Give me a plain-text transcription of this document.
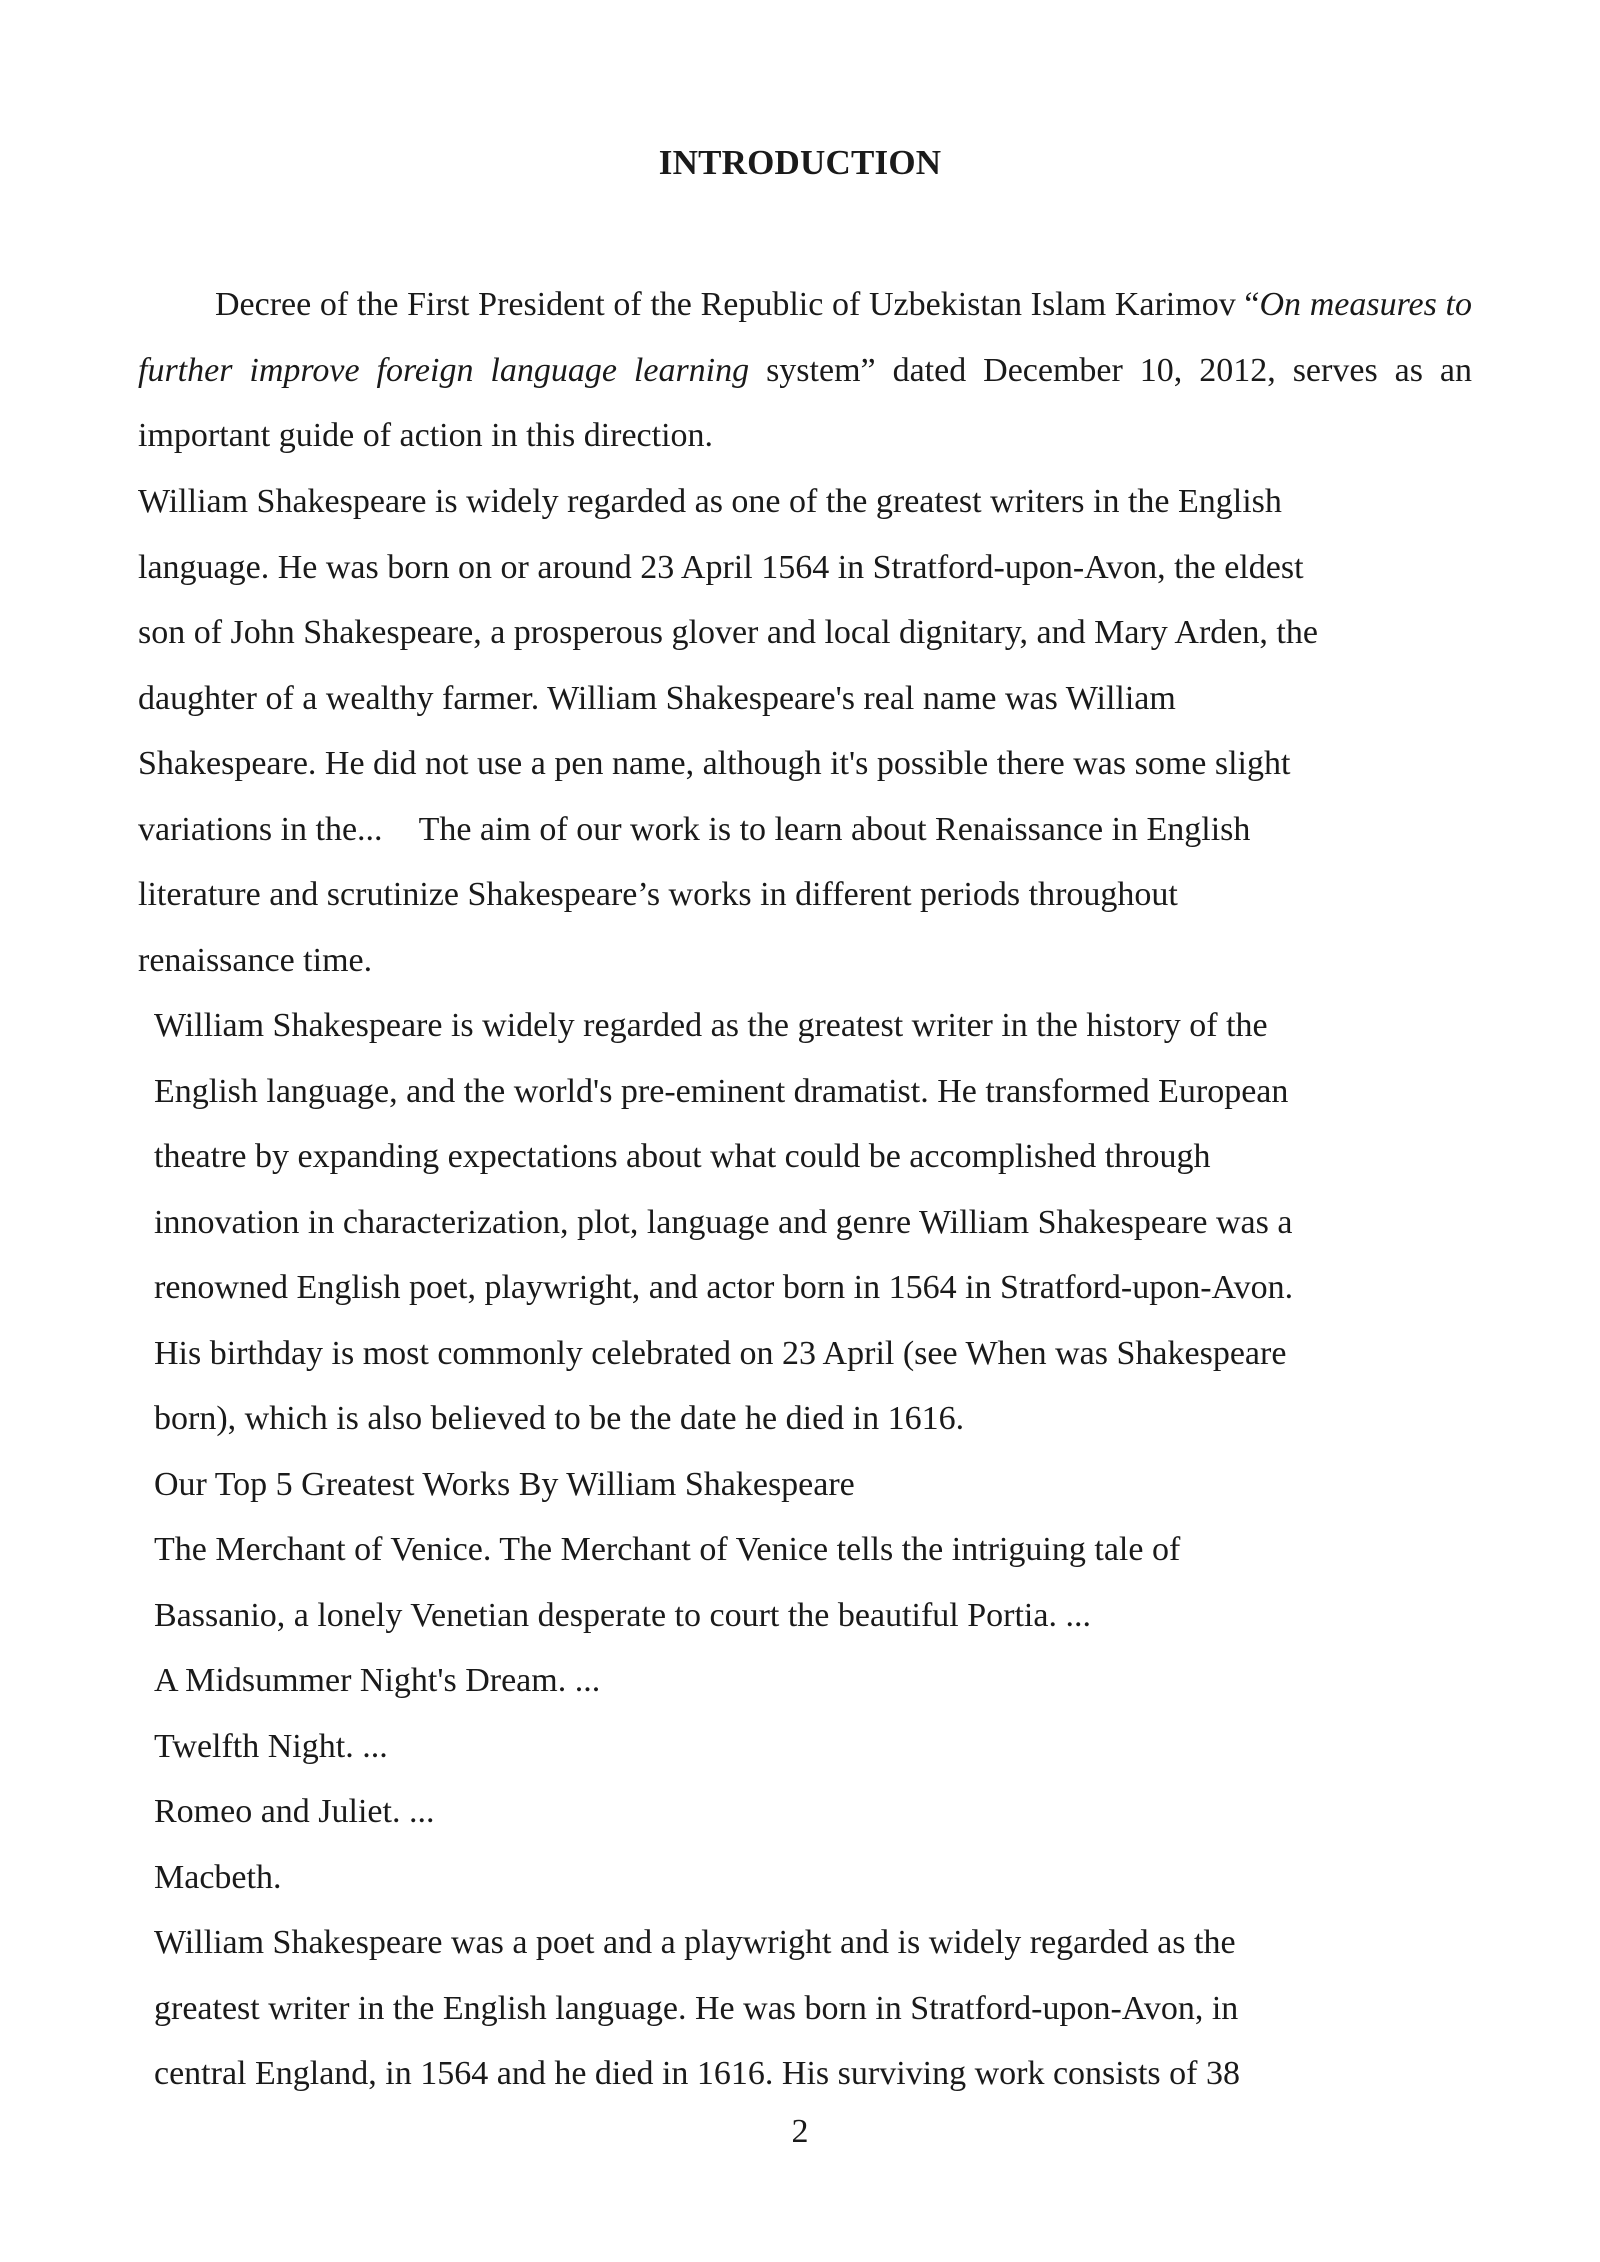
INTRODUCTION

Decree of the First President of the Republic of Uzbekistan Islam Karimov “On measures to further improve foreign language learning system” dated December 10, 2012, serves as an important guide of action in this direction.

William Shakespeare is widely regarded as one of the greatest writers in the English
language. He was born on or around 23 April 1564 in Stratford-upon-Avon, the eldest
son of John Shakespeare, a prosperous glover and local dignitary, and Mary Arden, the
daughter of a wealthy farmer. William Shakespeare's real name was William
Shakespeare. He did not use a pen name, although it's possible there was some slight
variations in the... The aim of our work is to learn about Renaissance in English
literature and scrutinize Shakespeare’s works in different periods throughout
renaissance time.
William Shakespeare is widely regarded as the greatest writer in the history of the
English language, and the world's pre-eminent dramatist. He transformed European
theatre by expanding expectations about what could be accomplished through
innovation in characterization, plot, language and genre William Shakespeare was a
renowned English poet, playwright, and actor born in 1564 in Stratford-upon-Avon.
His birthday is most commonly celebrated on 23 April (see When was Shakespeare
born), which is also believed to be the date he died in 1616.
Our Top 5 Greatest Works By William Shakespeare
The Merchant of Venice. The Merchant of Venice tells the intriguing tale of
Bassanio, a lonely Venetian desperate to court the beautiful Portia. ...
A Midsummer Night's Dream. ...
Twelfth Night. ...
Romeo and Juliet. ...
Macbeth.
William Shakespeare was a poet and a playwright and is widely regarded as the
greatest writer in the English language. He was born in Stratford-upon-Avon, in
central England, in 1564 and he died in 1616. His surviving work consists of 38
2
